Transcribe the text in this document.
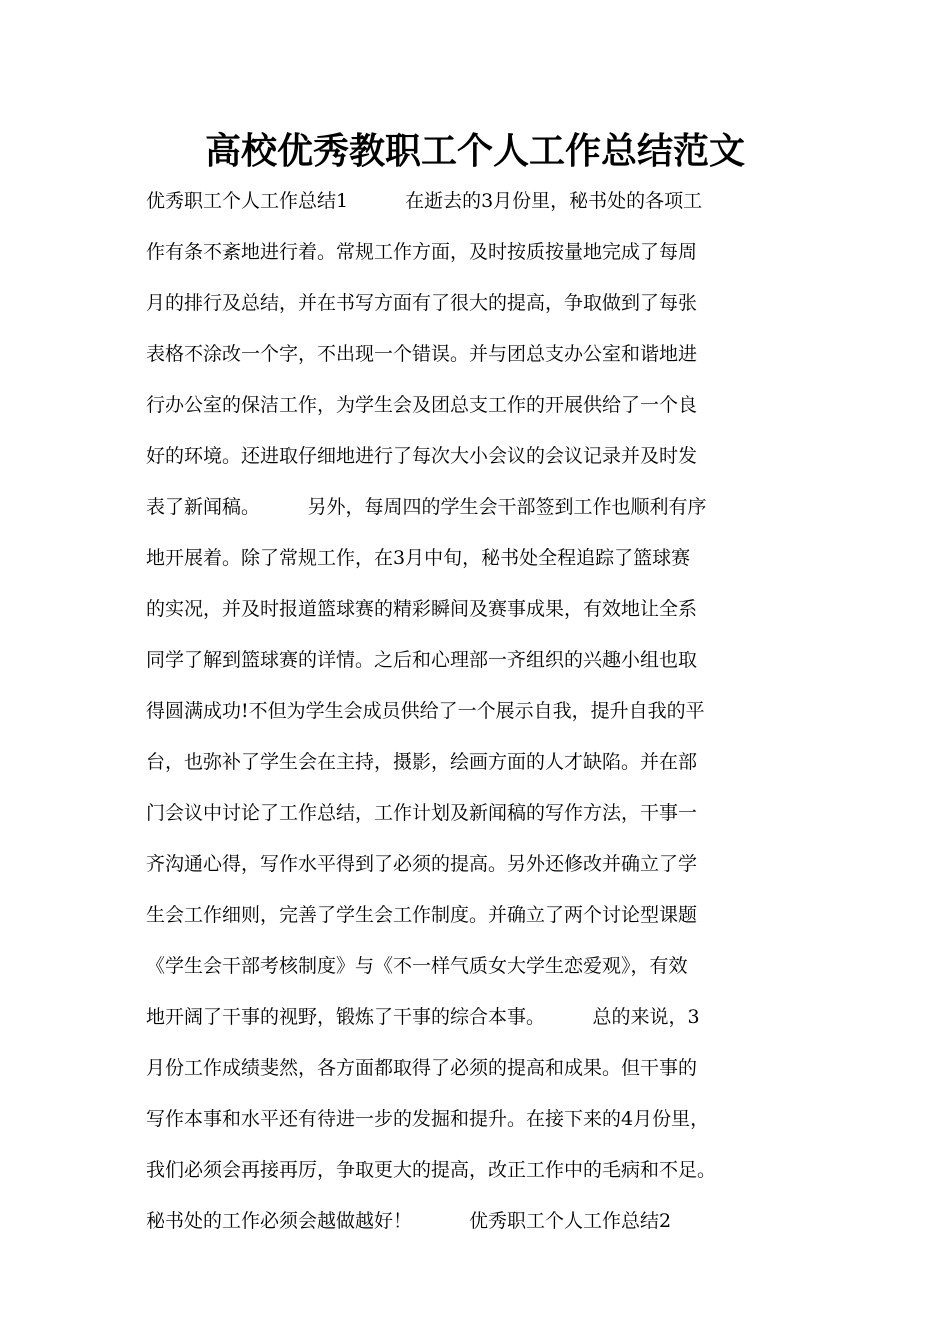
高校优秀教职工个人工作总结范文
优秀职工个人工作总结1　　　在逝去的3月份里，秘书处的各项工
作有条不紊地进行着。常规工作方面，及时按质按量地完成了每周
月的排行及总结，并在书写方面有了很大的提高，争取做到了每张
表格不涂改一个字，不出现一个错误。并与团总支办公室和谐地进
行办公室的保洁工作，为学生会及团总支工作的开展供给了一个良
好的环境。还进取仔细地进行了每次大小会议的会议记录并及时发
表了新闻稿。　　　另外，每周四的学生会干部签到工作也顺利有序
地开展着。除了常规工作，在3月中旬，秘书处全程追踪了篮球赛
的实况，并及时报道篮球赛的精彩瞬间及赛事成果，有效地让全系
同学了解到篮球赛的详情。之后和心理部一齐组织的兴趣小组也取
得圆满成功!不但为学生会成员供给了一个展示自我，提升自我的平
台，也弥补了学生会在主持，摄影，绘画方面的人才缺陷。并在部
门会议中讨论了工作总结，工作计划及新闻稿的写作方法，干事一
齐沟通心得，写作水平得到了必须的提高。另外还修改并确立了学
生会工作细则，完善了学生会工作制度。并确立了两个讨论型课题
《学生会干部考核制度》与《不一样气质女大学生恋爱观》，有效
地开阔了干事的视野，锻炼了干事的综合本事。　　　总的来说，3
月份工作成绩斐然，各方面都取得了必须的提高和成果。但干事的
写作本事和水平还有待进一步的发掘和提升。在接下来的4月份里，
我们必须会再接再厉，争取更大的提高，改正工作中的毛病和不足。
秘书处的工作必须会越做越好！　　　优秀职工个人工作总结2
